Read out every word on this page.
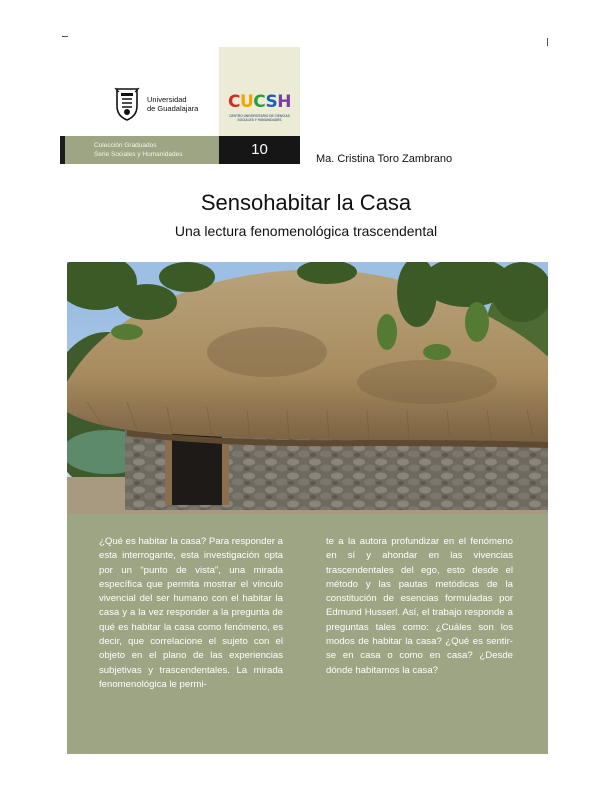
Universidad
de Guadalajara	CUCSH
CENTRO UNIVERSITARIO DE CIENCIAS SOCIALES Y HUMANIDADES
Colección Graduados
Serie Sociales y Humanidades	10
Ma. Cristina Toro Zambrano
Sensohabitar la Casa
Una lectura fenomenológica trascendental
¿Qué es habitar la casa? Para responder a esta interrogante, esta investigación opta por un “punto de vista”, una mirada específica que permita mostrar el vínculo vivencial del ser humano con el habitar la casa y a la vez responder a la pregunta de qué es habitar la casa como fenómeno, es decir, que correlacione el sujeto con el objeto en el plano de las experiencias subjetivas y trascendentales. La mirada fenomenológica le permi-
te a la autora profundizar en el fenómeno en sí y ahondar en las vivencias trascendentales del ego, esto desde el método y las pautas metódicas de la constitución de esencias formuladas por Edmund Husserl. Así, el trabajo responde a preguntas tales como: ¿Cuáles son los modos de habitar la casa? ¿Qué es sentir-se en casa o como en casa? ¿Desde dónde habitamos la casa?
